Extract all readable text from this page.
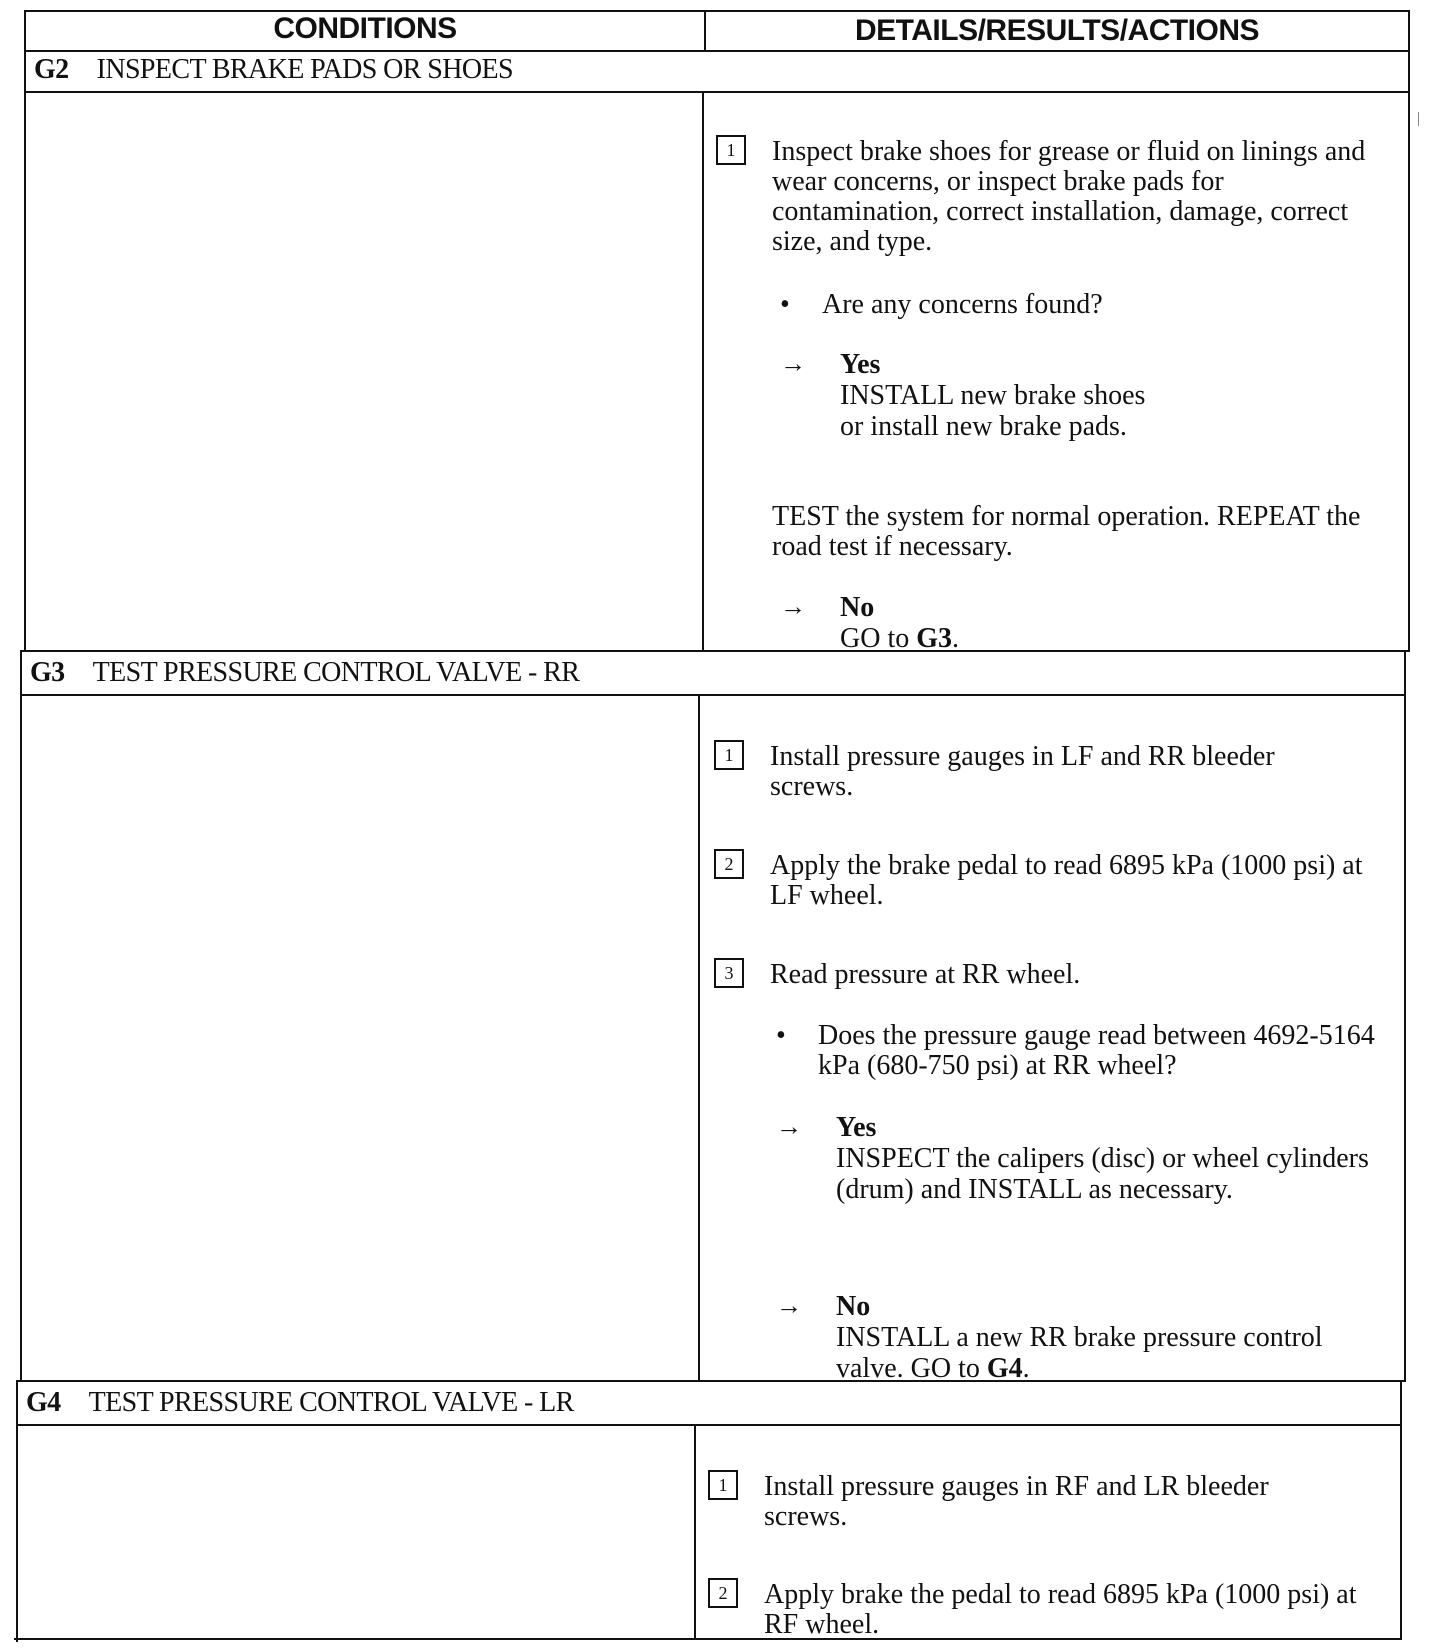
CONDITIONS	DETAILS/RESULTS/ACTIONS
G2 INSPECT BRAKE PADS OR SHOES
1	Inspect brake shoes for grease or fluid on linings and wear concerns, or inspect brake pads for contamination, correct installation, damage, correct size, and type.
• Are any concerns found?
→ Yes
INSTALL new brake shoes
or install new brake pads.
TEST the system for normal operation. REPEAT the road test if necessary.
→ No
GO to G3.
G3 TEST PRESSURE CONTROL VALVE - RR
1	Install pressure gauges in LF and RR bleeder screws.
2	Apply the brake pedal to read 6895 kPa (1000 psi) at LF wheel.
3	Read pressure at RR wheel.
• Does the pressure gauge read between 4692-5164 kPa (680-750 psi) at RR wheel?
→ Yes
INSPECT the calipers (disc) or wheel cylinders (drum) and INSTALL as necessary.
→ No
INSTALL a new RR brake pressure control valve. GO to G4.
G4 TEST PRESSURE CONTROL VALVE - LR
1	Install pressure gauges in RF and LR bleeder screws.
2	Apply brake the pedal to read 6895 kPa (1000 psi) at RF wheel.
